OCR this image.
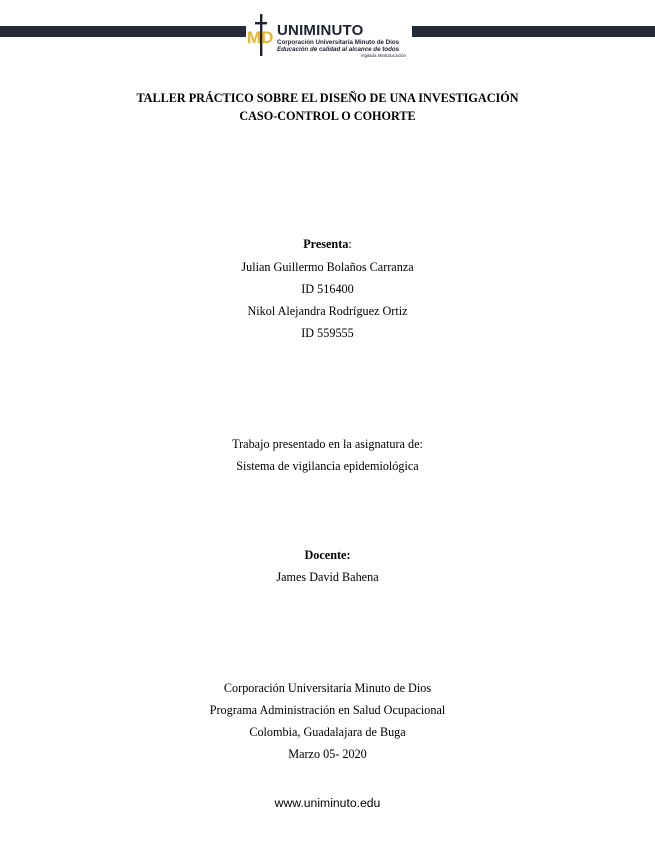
MD UNIMINUTO
Corporación Universitaria Minuto de Dios
Educación de calidad al alcance de todos
Vigilada MinEducación
TALLER PRÁCTICO SOBRE EL DISEÑO DE UNA INVESTIGACIÓN
CASO-CONTROL O COHORTE
Presenta:
Julian Guillermo Bolaños Carranza
ID 516400
Nikol Alejandra Rodríguez Ortiz
ID 559555
Trabajo presentado en la asignatura de:
Sistema de vigilancia epidemiológica
Docente:
James David Bahena
Corporación Universitaria Minuto de Dios
Programa Administración en Salud Ocupacional
Colombia, Guadalajara de Buga
Marzo 05- 2020
www.uniminuto.edu
